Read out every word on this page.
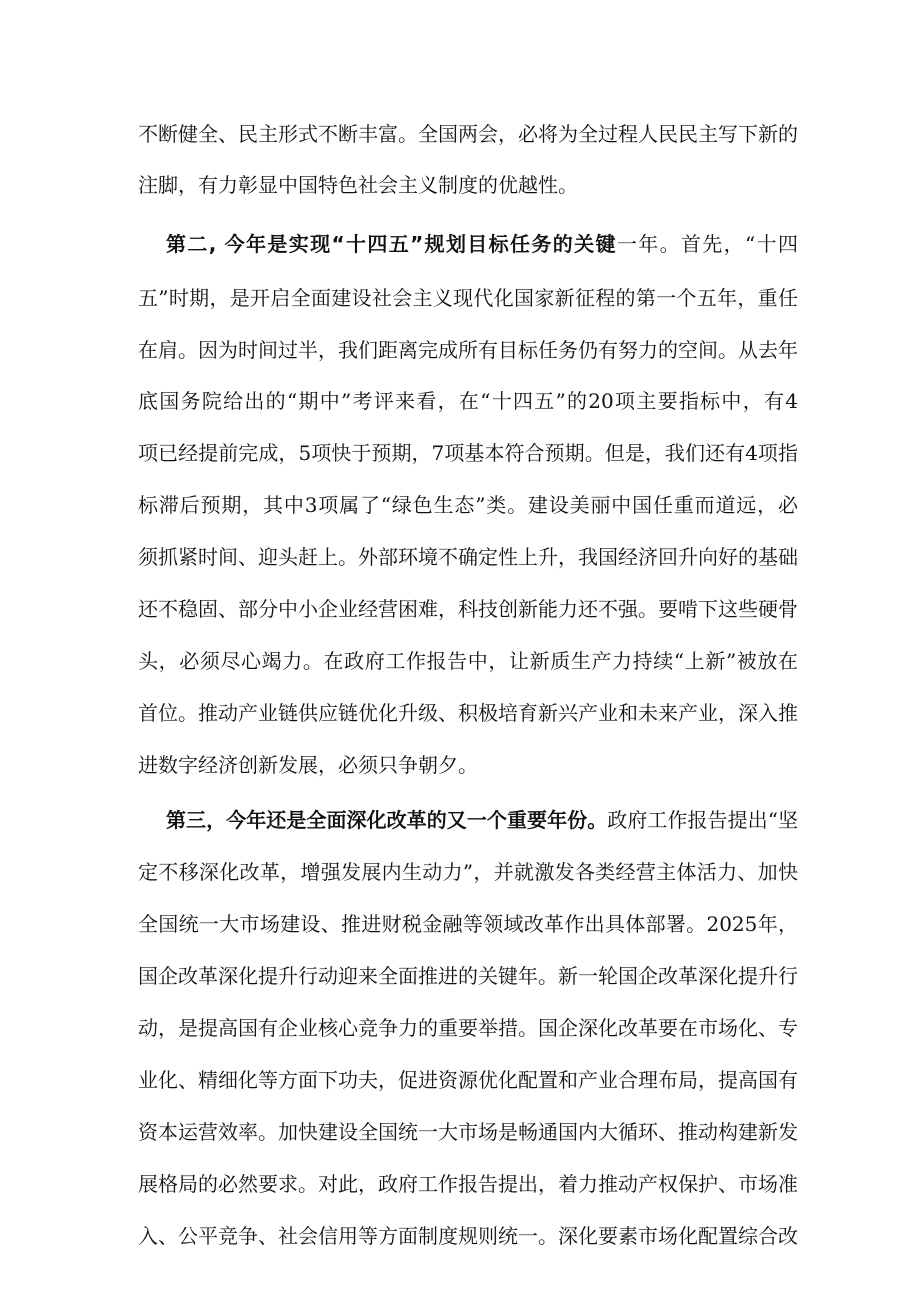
不断健全、民主形式不断丰富。全国两会，必将为全过程人民民主写下新的
注脚，有力彰显中国特色社会主义制度的优越性。
第二, 今年是实现“十四五”规划目标任务的关键一年。首先，“十四
五”时期，是开启全面建设社会主义现代化国家新征程的第一个五年，重任
在肩。因为时间过半，我们距离完成所有目标任务仍有努力的空间。从去年
底国务院给出的“期中”考评来看，在“十四五”的20项主要指标中，有4
项已经提前完成，5项快于预期，7项基本符合预期。但是，我们还有4项指
标滞后预期，其中3项属了“绿色生态”类。建设美丽中国任重而道远，必
须抓紧时间、迎头赶上。外部环境不确定性上升，我国经济回升向好的基础
还不稳固、部分中小企业经营困难，科技创新能力还不强。要啃下这些硬骨
头，必须尽心竭力。在政府工作报告中，让新质生产力持续“上新”被放在
首位。推动产业链供应链优化升级、积极培育新兴产业和未来产业，深入推
进数字经济创新发展，必须只争朝夕。
第三，今年还是全面深化改革的又一个重要年份。政府工作报告提出“坚
定不移深化改革，增强发展内生动力”，并就激发各类经营主体活力、加快
全国统一大市场建设、推进财税金融等领域改革作出具体部署。2025年，
国企改革深化提升行动迎来全面推进的关键年。新一轮国企改革深化提升行
动，是提高国有企业核心竞争力的重要举措。国企深化改革要在市场化、专
业化、精细化等方面下功夫，促进资源优化配置和产业合理布局，提高国有
资本运营效率。加快建设全国统一大市场是畅通国内大循环、推动构建新发
展格局的必然要求。对此，政府工作报告提出，着力推动产权保护、市场准
入、公平竞争、社会信用等方面制度规则统一。深化要素市场化配置综合改
